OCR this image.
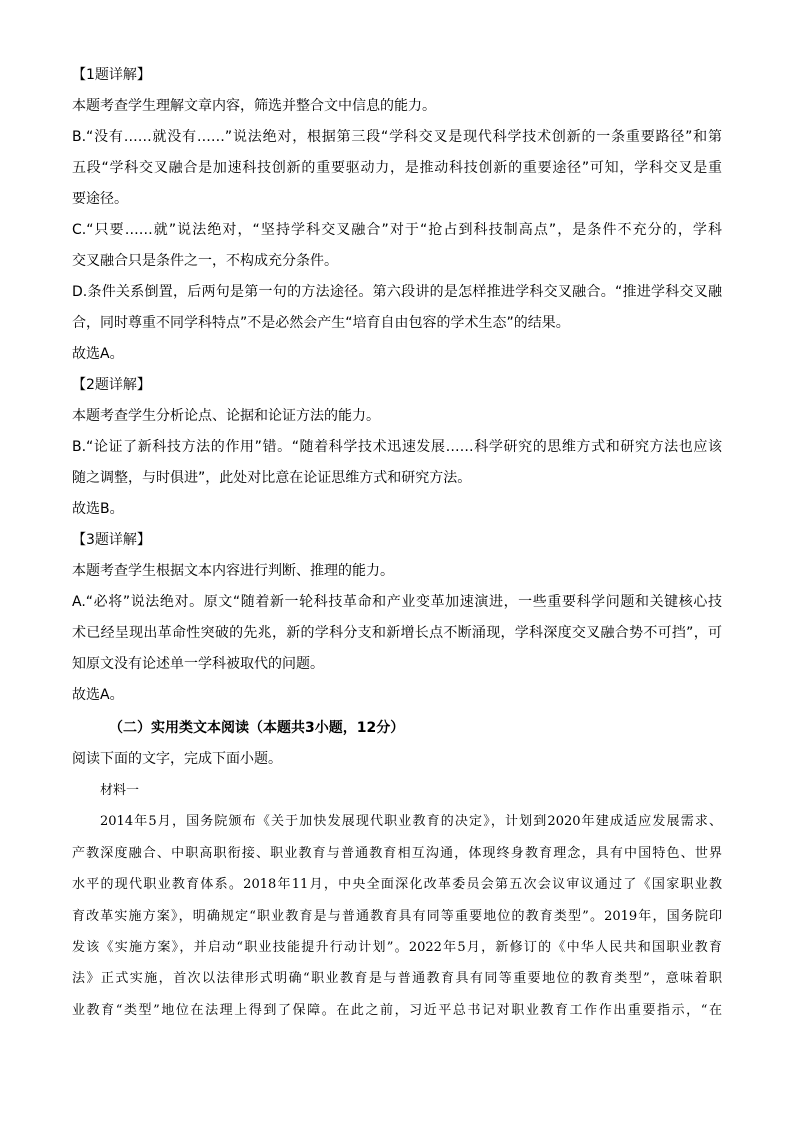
【1题详解】
本题考查学生理解文章内容，筛选并整合文中信息的能力。
B.“没有……就没有……”说法绝对，根据第三段“学科交叉是现代科学技术创新的一条重要路径”和第
五段“学科交叉融合是加速科技创新的重要驱动力，是推动科技创新的重要途径”可知，学科交叉是重
要途径。
C.“只要……就”说法绝对，“坚持学科交叉融合”对于“抢占到科技制高点”，是条件不充分的，学科
交叉融合只是条件之一，不构成充分条件。
D.条件关系倒置，后两句是第一句的方法途径。第六段讲的是怎样推进学科交叉融合。“推进学科交叉融
合，同时尊重不同学科特点”不是必然会产生“培育自由包容的学术生态”的结果。
故选A。
【2题详解】
本题考查学生分析论点、论据和论证方法的能力。
B.“论证了新科技方法的作用”错。“随着科学技术迅速发展……科学研究的思维方式和研究方法也应该
随之调整，与时俱进”，此处对比意在论证思维方式和研究方法。
故选B。
【3题详解】
本题考查学生根据文本内容进行判断、推理的能力。
A.“必将”说法绝对。原文“随着新一轮科技革命和产业变革加速演进，一些重要科学问题和关键核心技
术已经呈现出革命性突破的先兆，新的学科分支和新增长点不断涌现，学科深度交叉融合势不可挡”，可
知原文没有论述单一学科被取代的问题。
故选A。
（二）实用类文本阅读（本题共3小题，12分）
阅读下面的文字，完成下面小题。
材料一
2014年5月，国务院颁布《关于加快发展现代职业教育的决定》，计划到2020年建成适应发展需求、
产教深度融合、中职高职衔接、职业教育与普通教育相互沟通，体现终身教育理念，具有中国特色、世界
水平的现代职业教育体系。2018年11月，中央全面深化改革委员会第五次会议审议通过了《国家职业教
育改革实施方案》，明确规定“职业教育是与普通教育具有同等重要地位的教育类型”。2019年，国务院印
发该《实施方案》，并启动“职业技能提升行动计划”。2022年5月，新修订的《中华人民共和国职业教育
法》正式实施，首次以法律形式明确“职业教育是与普通教育具有同等重要地位的教育类型”，意味着职
业教育“类型”地位在法理上得到了保障。在此之前，习近平总书记对职业教育工作作出重要指示，“在
